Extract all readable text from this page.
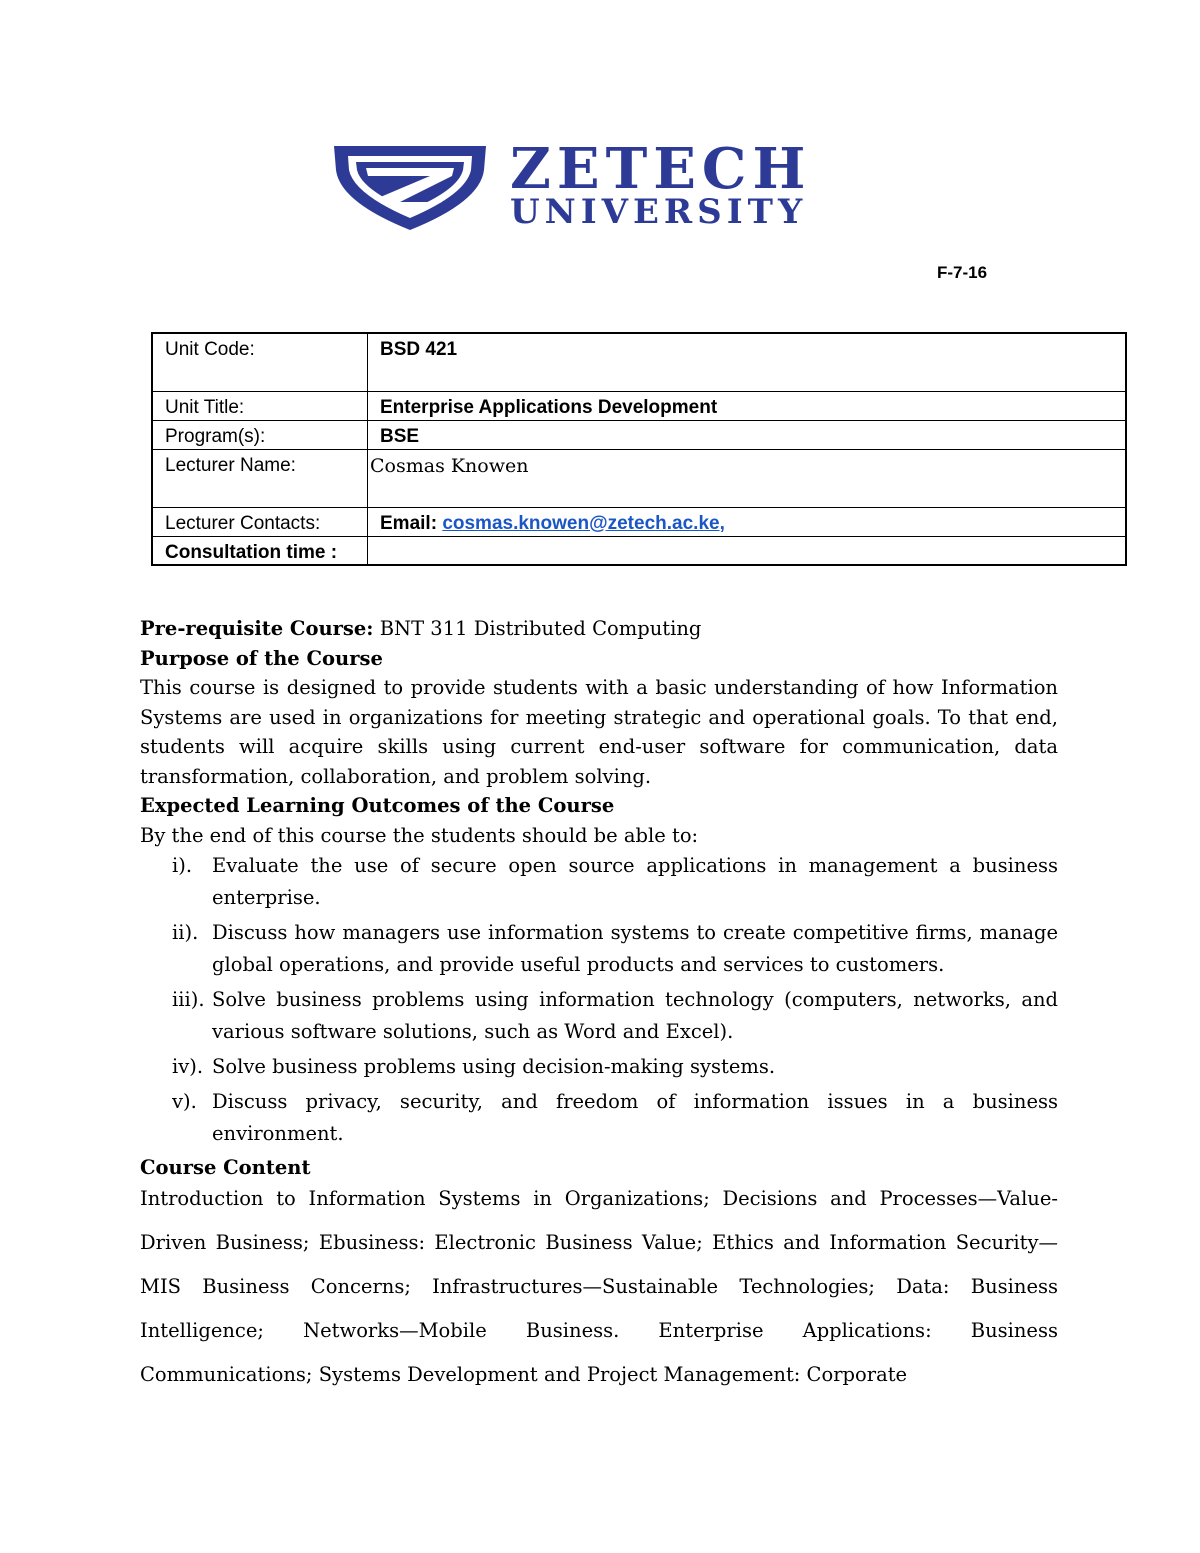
ZETECH
UNIVERSITY
F-7-16
Unit Code:	BSD 421
Unit Title:	Enterprise Applications Development
Program(s):	BSE
Lecturer Name:	Cosmas Knowen
Lecturer Contacts:	Email: cosmas.knowen@zetech.ac.ke,
Consultation time :	

Pre-requisite Course: BNT 311 Distributed Computing

Purpose of the Course

This course is designed to provide students with a basic understanding of how Information Systems are used in organizations for meeting strategic and operational goals. To that end, students will acquire skills using current end-user software for communication, data transformation, collaboration, and problem solving.

Expected Learning Outcomes of the Course

By the end of this course the students should be able to:

i). Evaluate the use of secure open source applications in management a business enterprise.
ii). Discuss how managers use information systems to create competitive firms, manage global operations, and provide useful products and services to customers.
iii). Solve business problems using information technology (computers, networks, and various software solutions, such as Word and Excel).
iv). Solve business problems using decision-making systems.
v). Discuss privacy, security, and freedom of information issues in a business environment.

Course Content

Introduction to Information Systems in Organizations; Decisions and Processes—Value-Driven Business; Ebusiness: Electronic Business Value; Ethics and Information Security—MIS Business Concerns; Infrastructures—Sustainable Technologies; Data: Business Intelligence; Networks—Mobile Business. Enterprise Applications: Business Communications; Systems Development and Project Management: Corporate
